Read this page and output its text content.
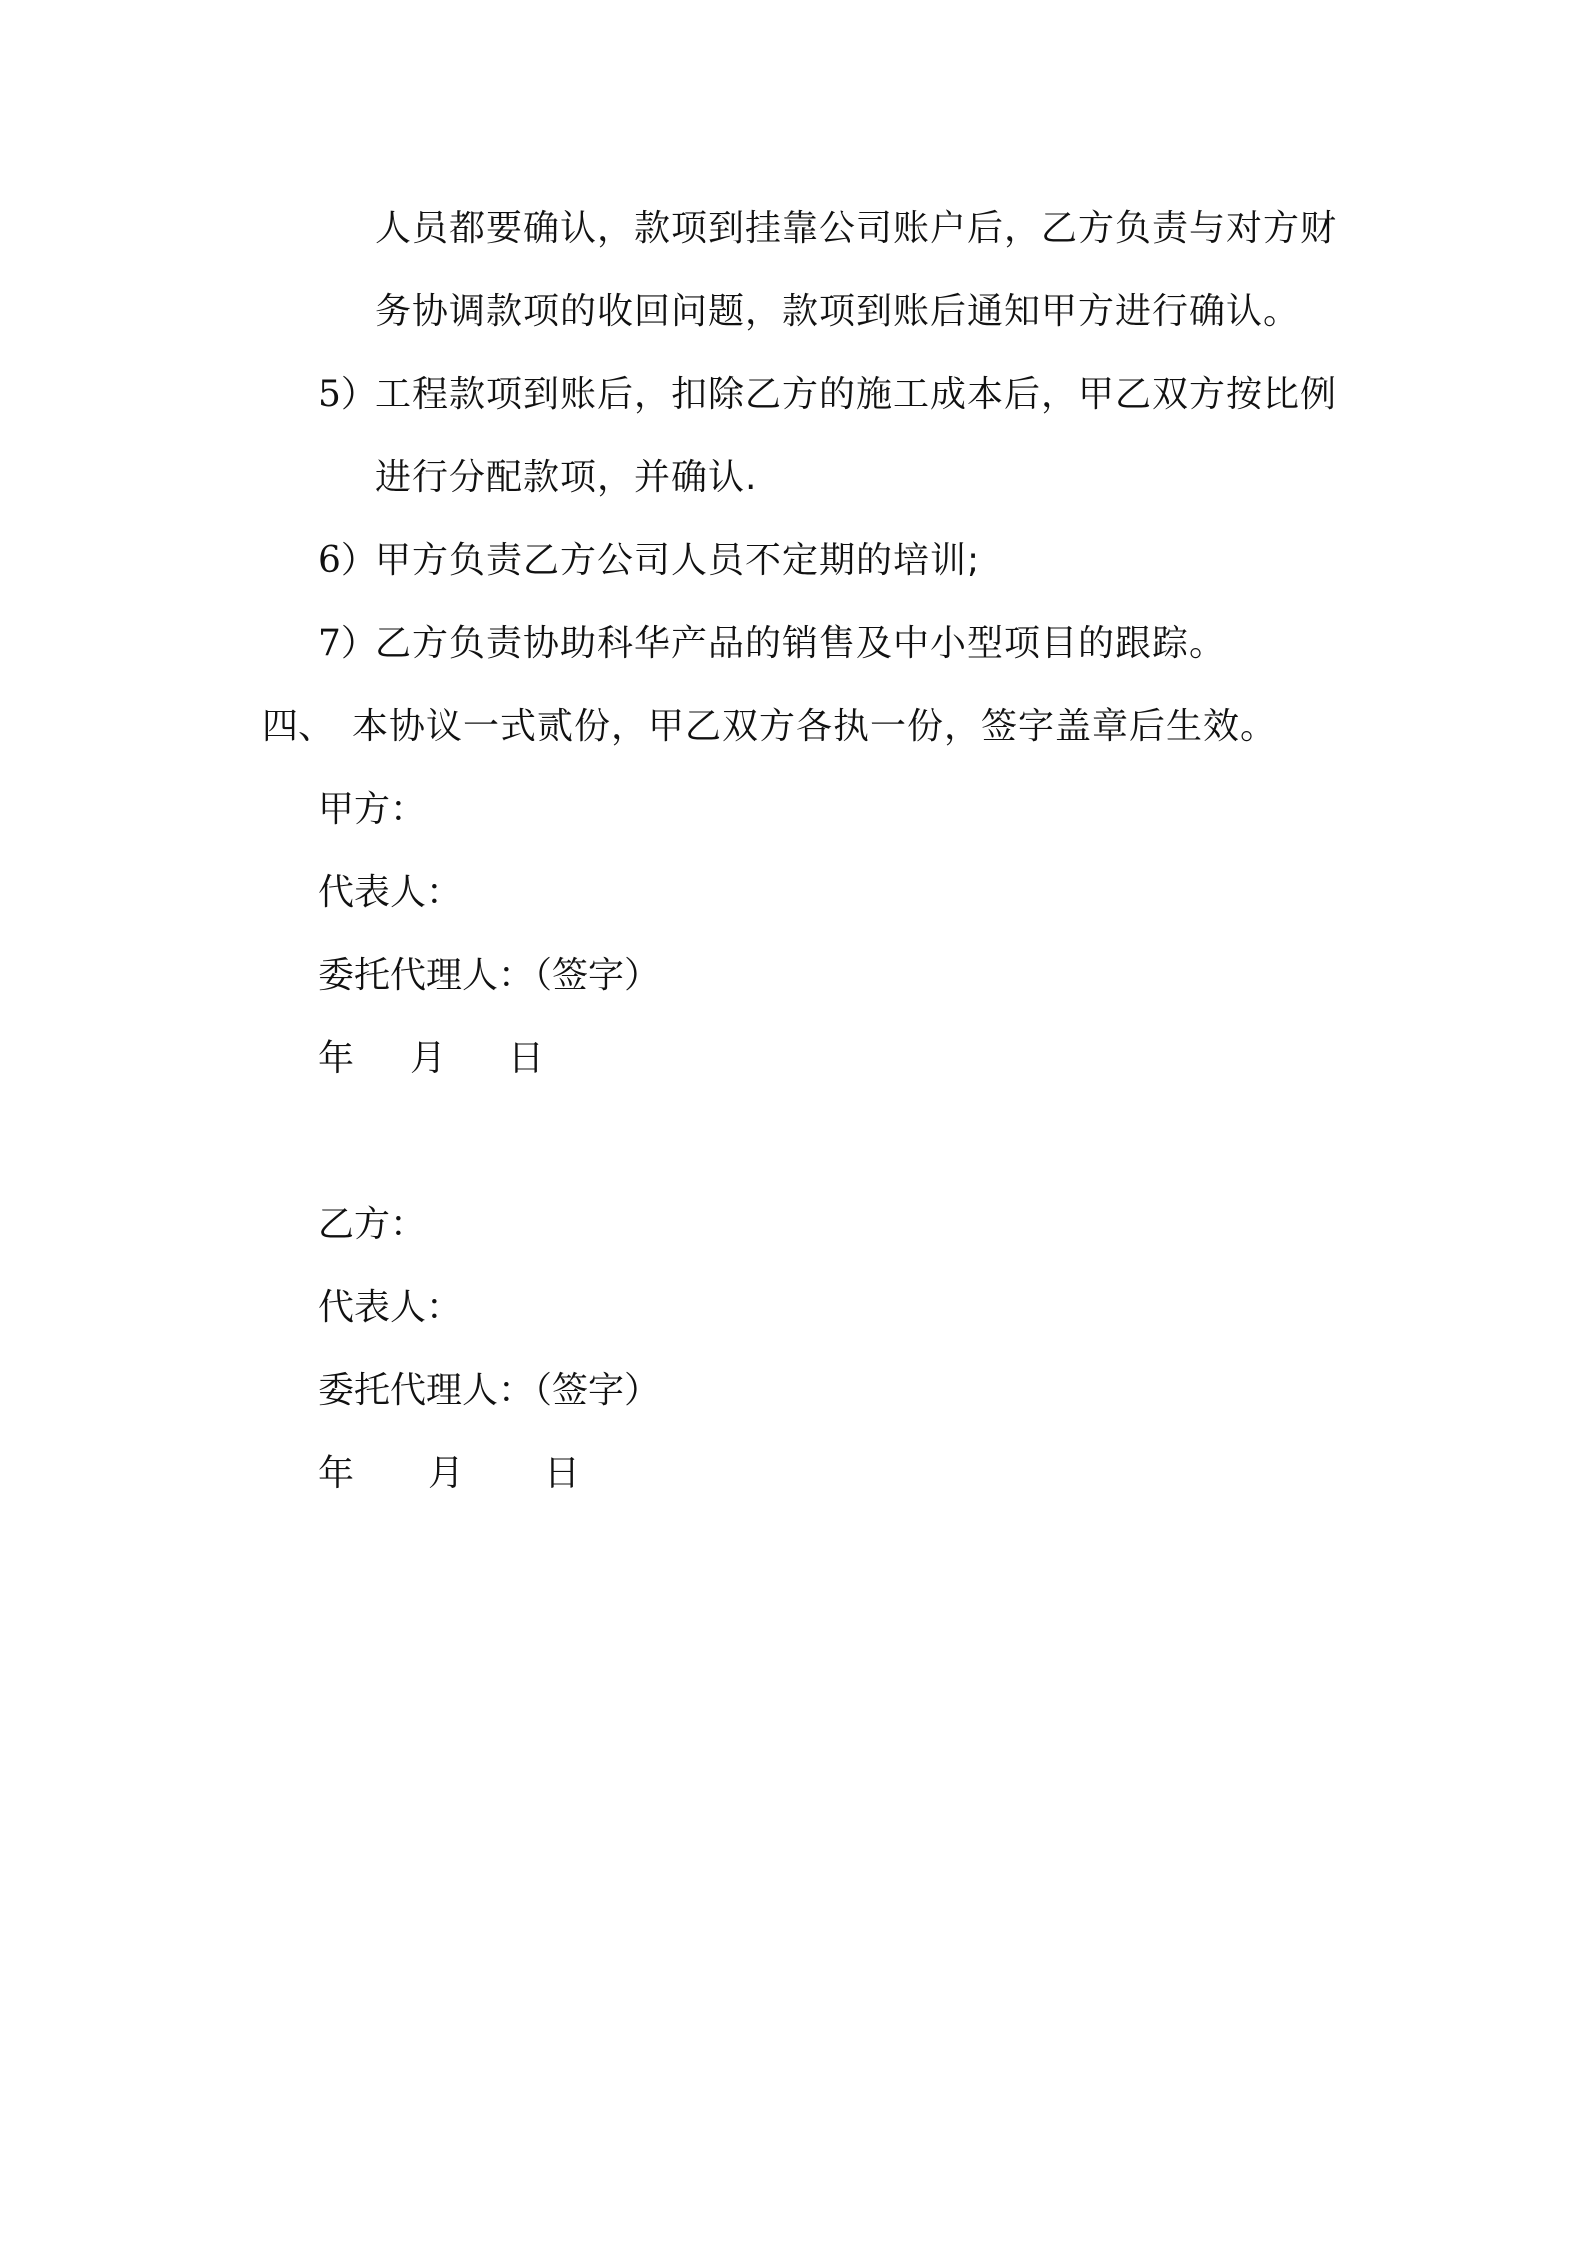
人员都要确认，款项到挂靠公司账户后，乙方负责与对方财
务协调款项的收回问题，款项到账后通知甲方进行确认。
5）
工程款项到账后，扣除乙方的施工成本后，甲乙双方按比例
进行分配款项，并确认.
6）
甲方负责乙方公司人员不定期的培训;
7）
乙方负责协助科华产品的销售及中小型项目的跟踪。
四、 本协议一式贰份，甲乙双方各执一份，签字盖章后生效。
甲方：
代表人：
委托代理人：（签字）
年 月 日
乙方：
代表人：
委托代理人：（签字）
年 月 日
